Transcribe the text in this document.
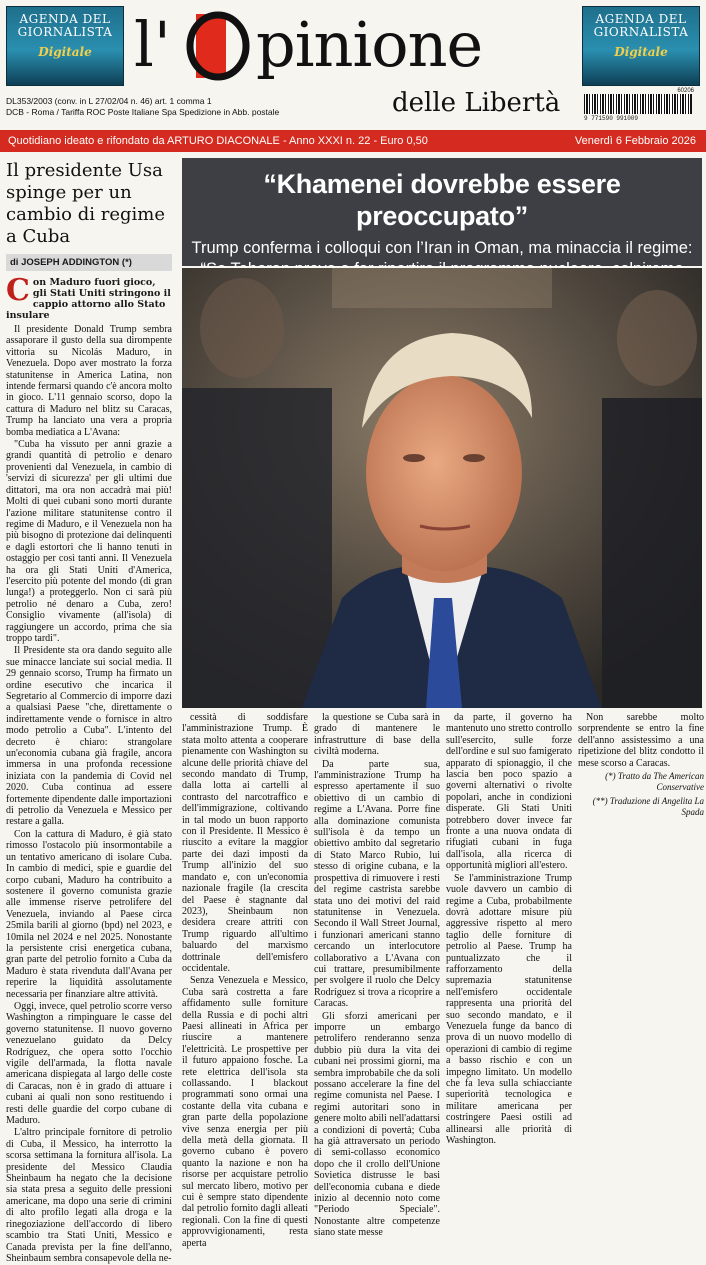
AGENDA DEL
GIORNALISTA
Digitale l' pinione
delle Libertà
AGENDA DEL
GIORNALISTA
Digitale
DL353/2003 (conv. in L 27/02/04 n. 46) art. 1 comma 1
DCB - Roma / Tariffa ROC Poste Italiane Spa Spedizione in Abb. postale
60206
9 771590 991009
Quotidiano ideato e rifondato da ARTURO DIACONALE - Anno XXXI n. 22 - Euro 0,50	Venerdì 6 Febbraio 2026
Il presidente Usa spinge per un cambio di regime a Cuba
di JOSEPH ADDINGTON (*)
Con Maduro fuori gioco, gli Stati Uniti stringono il cappio attorno allo Stato insulare

Il presidente Donald Trump sembra assaporare il gusto della sua dirompente vittoria su Nicolás Maduro, in Venezuela. Dopo aver mostrato la forza statunitense in America Latina, non intende fermarsi quando c'è ancora molto in gioco. L'11 gennaio scorso, dopo la cattura di Maduro nel blitz su Caracas, Trump ha lanciato una vera a propria bomba mediatica a L'Avana:

"Cuba ha vissuto per anni grazie a grandi quantità di petrolio e denaro provenienti dal Venezuela, in cambio di 'servizi di sicurezza' per gli ultimi due dittatori, ma ora non accadrà mai più! Molti di quei cubani sono morti durante l'azione militare statunitense contro il regime di Maduro, e il Venezuela non ha più bisogno di protezione dai delinquenti e dagli estortori che li hanno tenuti in ostaggio per così tanti anni. Il Venezuela ha ora gli Stati Uniti d'America, l'esercito più potente del mondo (di gran lunga!) a proteggerlo. Non ci sarà più petrolio né denaro a Cuba, zero! Consiglio vivamente (all'isola) di raggiungere un accordo, prima che sia troppo tardi".

Il Presidente sta ora dando seguito alle sue minacce lanciate sui social media. Il 29 gennaio scorso, Trump ha firmato un ordine esecutivo che incarica il Segretario al Commercio di imporre dazi a qualsiasi Paese "che, direttamente o indirettamente vende o fornisce in altro modo petrolio a Cuba". L'intento del decreto è chiaro: strangolare un'economia cubana già fragile, ancora immersa in una profonda recessione iniziata con la pandemia di Covid nel 2020. Cuba continua ad essere fortemente dipendente dalle importazioni di petrolio da Venezuela e Messico per restare a galla.

Con la cattura di Maduro, è già stato rimosso l'ostacolo più insormontabile a un tentativo americano di isolare Cuba. In cambio di medici, spie e guardie del corpo cubani, Maduro ha contribuito a sostenere il governo comunista grazie alle immense riserve petrolifere del Venezuela, inviando al Paese circa 25mila barili al giorno (bpd) nel 2023, e 10mila nel 2024 e nel 2025. Nonostante la persistente crisi energetica cubana, gran parte del petrolio fornito a Cuba da Maduro è stata rivenduta dall'Avana per reperire la liquidità assolutamente necessaria per finanziare altre attività.

Oggi, invece, quel petrolio scorre verso Washington a rimpinguare le casse del governo statunitense. Il nuovo governo venezuelano guidato da Delcy Rodríguez, che opera sotto l'occhio vigile dell'armada, la flotta navale americana dispiegata al largo delle coste di Caracas, non è in grado di attuare i cubani ai quali non sono restituendo i resti delle guardie del corpo cubane di Maduro.

L'altro principale fornitore di petrolio di Cuba, il Messico, ha interrotto la scorsa settimana la fornitura all'isola. La presidente del Messico Claudia Sheinbaum ha negato che la decisione sia stata presa a seguito delle pressioni americane, ma dopo una serie di crimini di alto profilo legati alla droga e la rinegoziazione dell'accordo di libero scambio tra Stati Uniti, Messico e Canada prevista per la fine dell'anno, Sheinbaum sembra consapevole della ne-

“Khamenei dovrebbe essere preoccupato”
Trump conferma i colloqui con l’Iran in Oman, ma minaccia il regime:

cessità di soddisfare l'amministrazione Trump. È stata molto attenta a cooperare pienamente con Washington su alcune delle priorità chiave del secondo mandato di Trump, dalla lotta ai cartelli al contrasto del narcotraffico e dell'immigrazione, coltivando in tal modo un buon rapporto con il Presidente. Il Messico è riuscito a evitare la maggior parte dei dazi imposti da Trump all'inizio del suo mandato e, con un'economia nazionale fragile (la crescita del Paese è stagnante dal 2023), Sheinbaum non desidera creare attriti con Trump riguardo all'ultimo baluardo del marxismo dottrinale dell'emisfero occidentale.

Senza Venezuela e Messico, Cuba sarà costretta a fare affidamento sulle forniture della Russia e di pochi altri Paesi allineati in Africa per riuscire a mantenere l'elettricità. Le prospettive per il futuro appaiono fosche. La rete elettrica dell'isola sta collassando. I blackout programmati sono ormai una costante della vita cubana e gran parte della popolazione vive senza energia per più della metà della giornata. Il governo cubano è povero quanto la nazione e non ha risorse per acquistare petrolio sul mercato libero, motivo per cui è sempre stato dipendente dal petrolio fornito dagli alleati regionali. Con la fine di questi approvvigionamenti, resta aperta

la questione se Cuba sarà in grado di mantenere le infrastrutture di base della civiltà moderna.

Da parte sua, l'amministrazione Trump ha espresso apertamente il suo obiettivo di un cambio di regime a L'Avana. Porre fine alla dominazione comunista sull'isola è da tempo un obiettivo ambito dal segretario di Stato Marco Rubio, lui stesso di origine cubana, e la prospettiva di rimuovere i resti del regime castrista sarebbe stata uno dei motivi del raid statunitense in Venezuela. Secondo il Wall Street Journal, i funzionari americani stanno cercando un interlocutore collaborativo a L'Avana con cui trattare, presumibilmente per svolgere il ruolo che Delcy Rodríguez si trova a ricoprire a Caracas.

Gli sforzi americani per imporre un embargo petrolifero renderanno senza dubbio più dura la vita dei cubani nei prossimi giorni, ma sembra improbabile che da soli possano accelerare la fine del regime comunista nel Paese. I regimi autoritari sono in genere molto abili nell'adattarsi a condizioni di povertà; Cuba ha già attraversato un periodo di semi-collasso economico dopo che il crollo dell'Unione Sovietica distrusse le basi dell'economia cubana e diede inizio al decennio noto come "Periodo Speciale". Nonostante altre competenze siano state messe

da parte, il governo ha mantenuto uno stretto controllo sull'esercito, sulle forze dell'ordine e sul suo famigerato apparato di spionaggio, il che lascia ben poco spazio a governi alternativi o rivolte popolari, anche in condizioni disperate. Gli Stati Uniti potrebbero dover invece far fronte a una nuova ondata di rifugiati cubani in fuga dall'isola, alla ricerca di opportunità migliori all'estero.

Se l'amministrazione Trump vuole davvero un cambio di regime a Cuba, probabilmente dovrà adottare misure più aggressive rispetto al mero taglio delle forniture di petrolio al Paese. Trump ha puntualizzato che il rafforzamento della supremazia statunitense nell'emisfero occidentale rappresenta una priorità del suo secondo mandato, e il Venezuela funge da banco di prova di un nuovo modello di operazioni di cambio di regime a basso rischio e con un impegno limitato. Un modello che fa leva sulla schiacciante superiorità tecnologica e militare americana per costringere Paesi ostili ad allinearsi alle priorità di Washington.

Non sarebbe molto sorprendente se entro la fine dell'anno assistessimo a una ripetizione del blitz condotto il mese scorso a Caracas.

(*) Tratto da The American Conservative
(**) Traduzione di Angelita La Spada
